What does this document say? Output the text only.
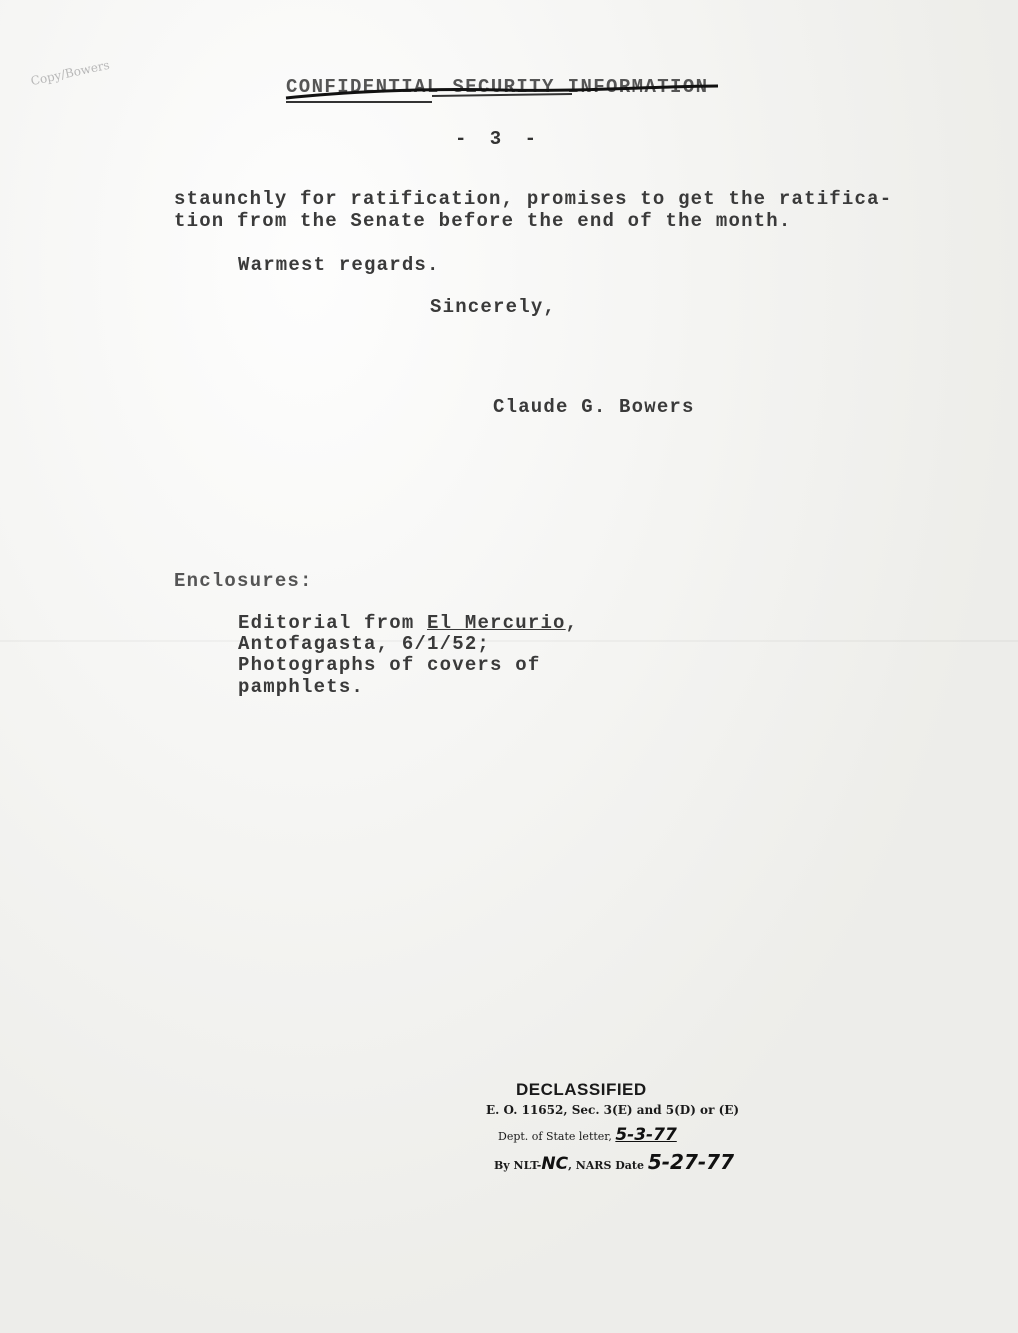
Copy/Bowers	CONFIDENTIAL SECURITY INFORMATION
- 3 -
staunchly for ratification, promises to get the ratifica-
tion from the Senate before the end of the month.
Warmest regards.
Sincerely,
Claude G. Bowers
Enclosures:
Editorial from El Mercurio,
Antofagasta, 6/1/52;
Photographs of covers of
pamphlets.
DECLASSIFIED
E. O. 11652, Sec. 3(E) and 5(D) or (E)
Dept. of State letter, 5-3-77
By NLT-NC, NARS Date 5-27-77
